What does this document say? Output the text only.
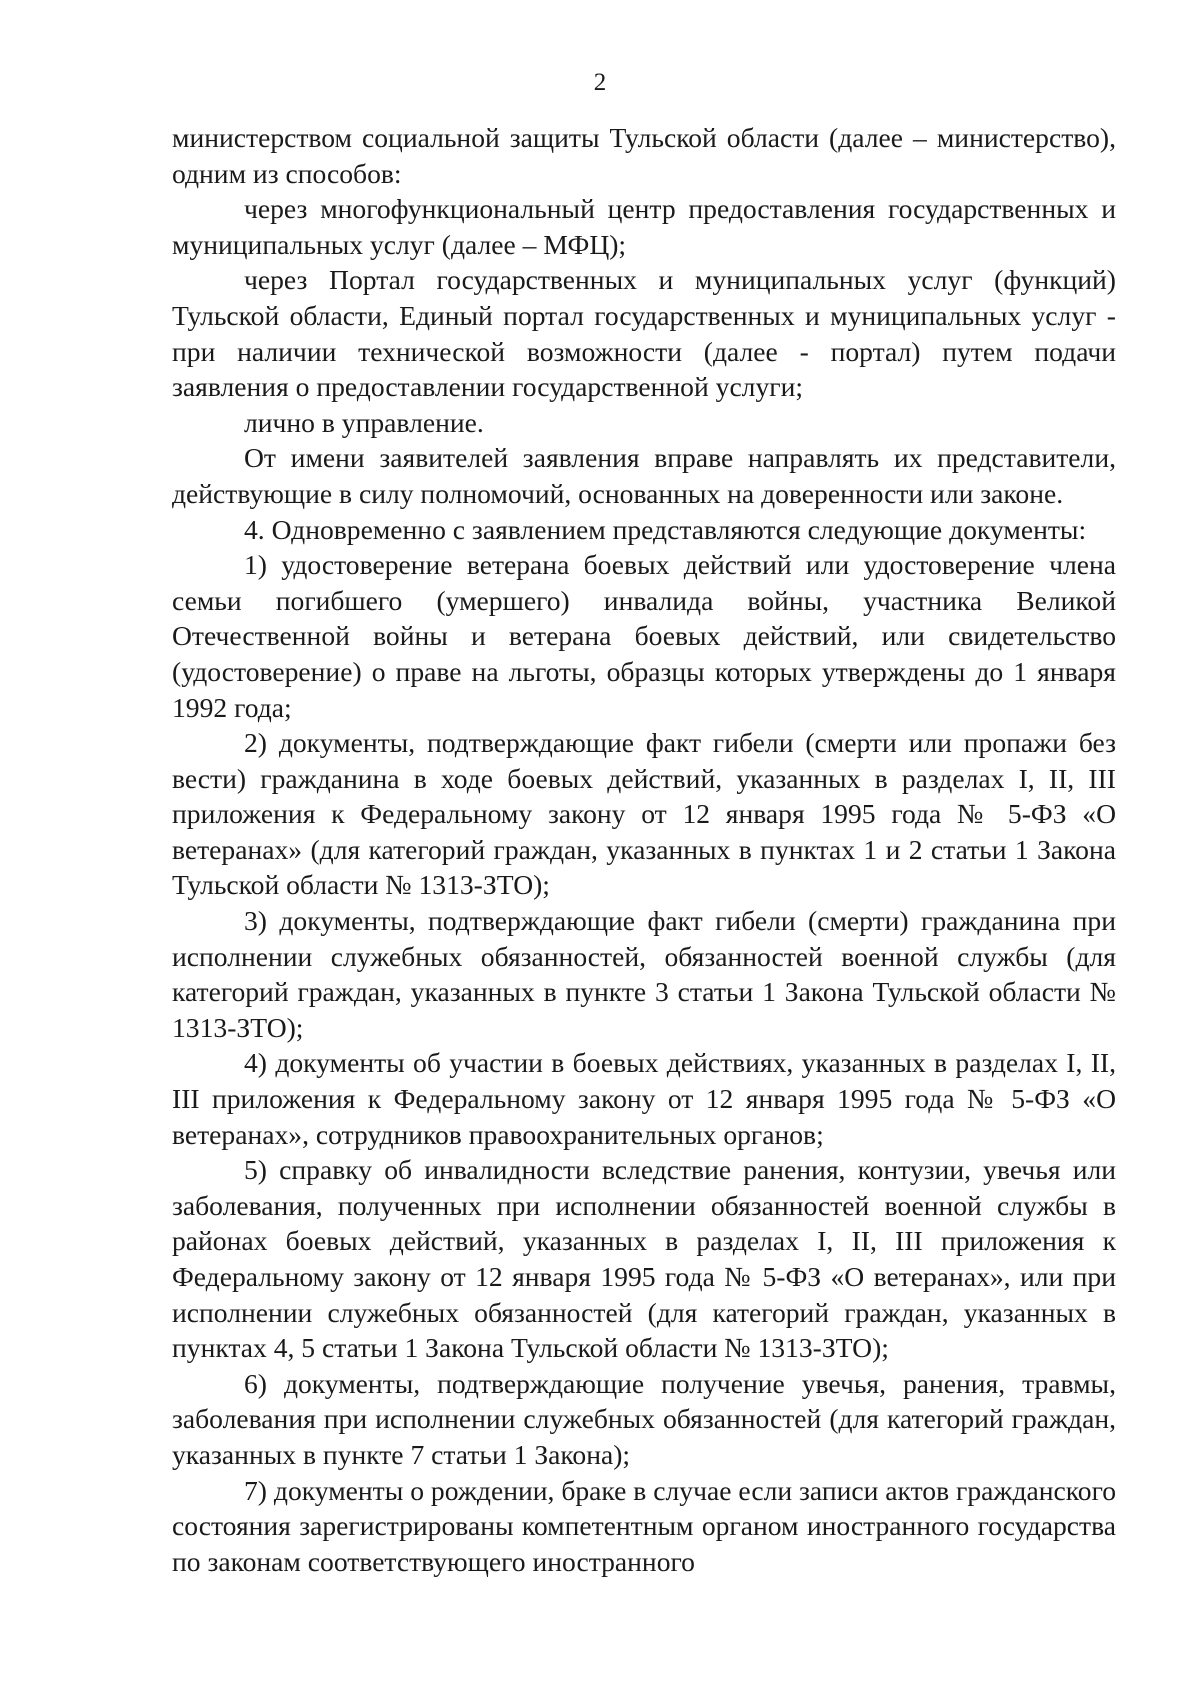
2

министерством социальной защиты Тульской области (далее – министерство), одним из способов:

через многофункциональный центр предоставления государственных и муниципальных услуг (далее – МФЦ);

через Портал государственных и муниципальных услуг (функций) Тульской области, Единый портал государственных и муниципальных услуг - при наличии технической возможности (далее - портал) путем подачи заявления о предоставлении государственной услуги;

лично в управление.

От имени заявителей заявления вправе направлять их представители, действующие в силу полномочий, основанных на доверенности или законе.

4. Одновременно с заявлением представляются следующие документы:

1) удостоверение ветерана боевых действий или удостоверение члена семьи погибшего (умершего) инвалида войны, участника Великой Отечественной войны и ветерана боевых действий, или свидетельство (удостоверение) о праве на льготы, образцы которых утверждены до 1 января 1992 года;

2) документы, подтверждающие факт гибели (смерти или пропажи без вести) гражданина в ходе боевых действий, указанных в разделах I, II, III приложения к Федеральному закону от 12 января 1995 года № 5-ФЗ «О ветеранах» (для категорий граждан, указанных в пунктах 1 и 2 статьи 1 Закона Тульской области № 1313-ЗТО);

3) документы, подтверждающие факт гибели (смерти) гражданина при исполнении служебных обязанностей, обязанностей военной службы (для категорий граждан, указанных в пункте 3 статьи 1 Закона Тульской области № 1313-ЗТО);

4) документы об участии в боевых действиях, указанных в разделах I, II, III приложения к Федеральному закону от 12 января 1995 года № 5-ФЗ «О ветеранах», сотрудников правоохранительных органов;

5) справку об инвалидности вследствие ранения, контузии, увечья или заболевания, полученных при исполнении обязанностей военной службы в районах боевых действий, указанных в разделах I, II, III приложения к Федеральному закону от 12 января 1995 года № 5-ФЗ «О ветеранах», или при исполнении служебных обязанностей (для категорий граждан, указанных в пунктах 4, 5 статьи 1 Закона Тульской области № 1313-ЗТО);

6) документы, подтверждающие получение увечья, ранения, травмы, заболевания при исполнении служебных обязанностей (для категорий граждан, указанных в пункте 7 статьи 1 Закона);

7) документы о рождении, браке в случае если записи актов гражданского состояния зарегистрированы компетентным органом иностранного государства по законам соответствующего иностранного
